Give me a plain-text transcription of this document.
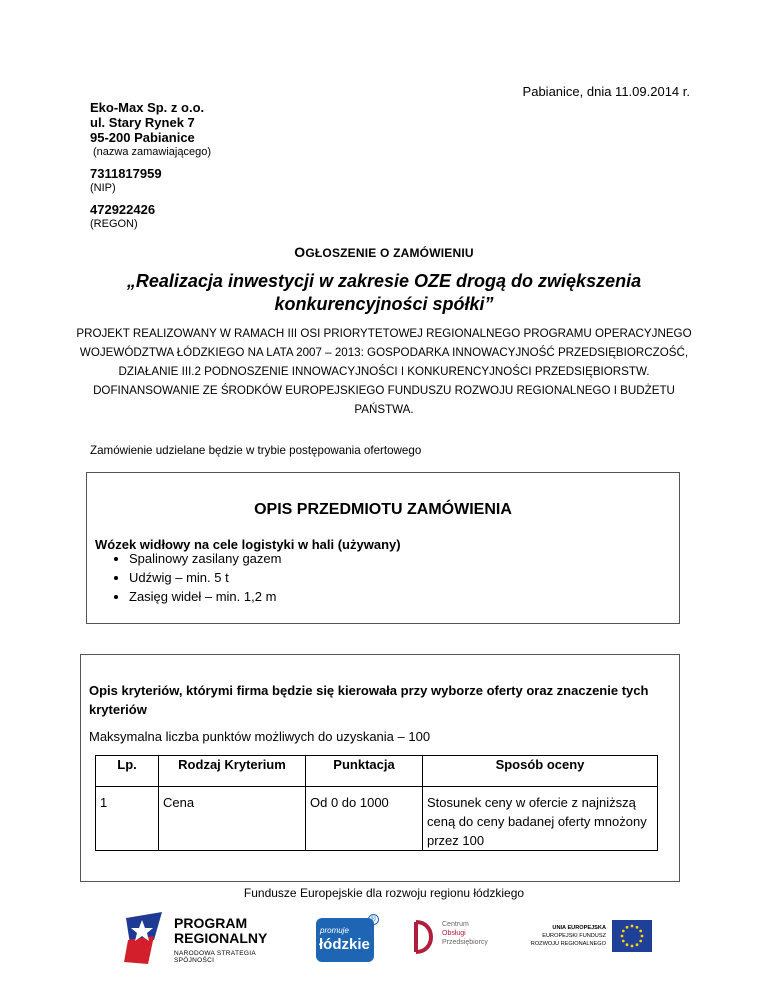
Pabianice, dnia 11.09.2014 r.
Eko-Max Sp. z o.o.
ul. Stary Rynek 7
95-200 Pabianice
(nazwa zamawiającego)
7311817959
(NIP)
472922426
(REGON)
OGŁOSZENIE O ZAMÓWIENIU
„Realizacja inwestycji w zakresie OZE drogą do zwiększenia konkurencyjności spółki”
PROJEKT REALIZOWANY W RAMACH III OSI PRIORYTETOWEJ REGIONALNEGO PROGRAMU OPERACYJNEGO WOJEWÓDZTWA ŁÓDZKIEGO NA LATA 2007 – 2013: GOSPODARKA INNOWACYJNOŚĆ PRZEDSIĘBIORCZOŚĆ, DZIAŁANIE III.2 PODNOSZENIE INNOWACYJNOŚCI I KONKURENCYJNOŚCI PRZEDSIĘBIORSTW. DOFINANSOWANIE ZE ŚRODKÓW EUROPEJSKIEGO FUNDUSZU ROZWOJU REGIONALNEGO I BUDŻETU PAŃSTWA.
Zamówienie udzielane będzie w trybie postępowania ofertowego
OPIS PRZEDMIOTU ZAMÓWIENIA
Wózek widłowy na cele logistyki w hali (używany)
• Spalinowy zasilany gazem
• Udźwig – min. 5 t
• Zasięg wideł – min. 1,2 m
Opis kryteriów, którymi firma będzie się kierowała przy wyborze oferty oraz znaczenie tych kryteriów
Maksymalna liczba punktów możliwych do uzyskania – 100
Lp.	Rodzaj Kryterium	Punktacja	Sposób oceny
1	Cena	Od 0 do 1000	Stosunek ceny w ofercie z najniższą ceną do ceny badanej oferty mnożony przez 100
Fundusze Europejskie dla rozwoju regionu łódzkiego
PROGRAM
REGIONALNY
NARODOWA STRATEGIA SPÓJNOŚCI
promuje
łódzkie
®
Centrum
Obsługi
Przedsiębiorcy
UNIA EUROPEJSKA
EUROPEJSKI FUNDUSZ
ROZWOJU REGIONALNEGO
